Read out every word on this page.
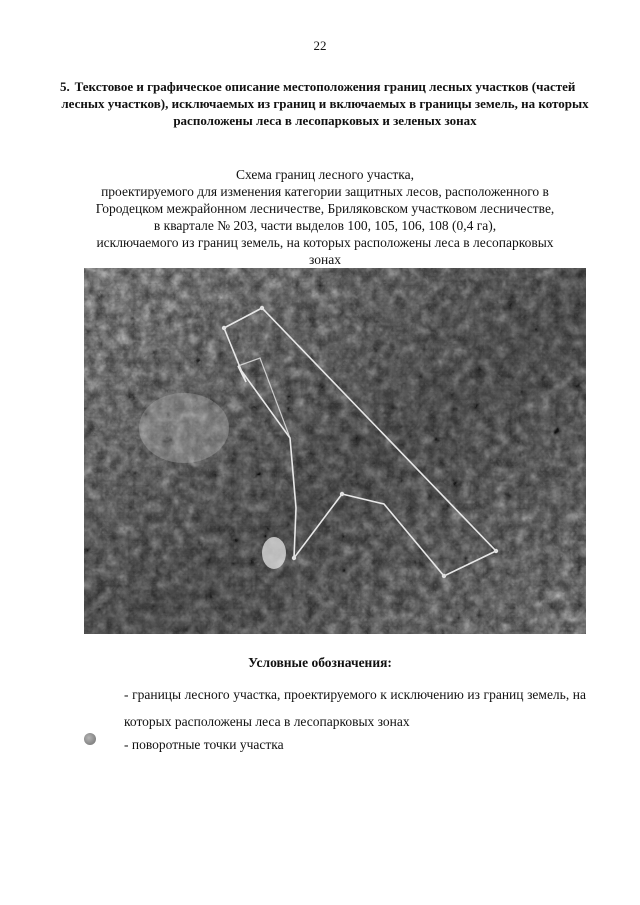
22
5. Текстовое и графическое описание местоположения границ лесных участков (частей лесных участков), исключаемых из границ и включаемых в границы земель, на которых расположены леса в лесопарковых и зеленых зонах
Схема границ лесного участка,
проектируемого для изменения категории защитных лесов, расположенного в
Городецком межрайонном лесничестве, Бриляковском участковом лесничестве,
в квартале № 203, части выделов 100, 105, 106, 108 (0,4 га),
исключаемого из границ земель, на которых расположены леса в лесопарковых
зонах
Условные обозначения:
- границы лесного участка, проектируемого к исключению из границ земель, на которых расположены леса в лесопарковых зонах
- поворотные точки участка
